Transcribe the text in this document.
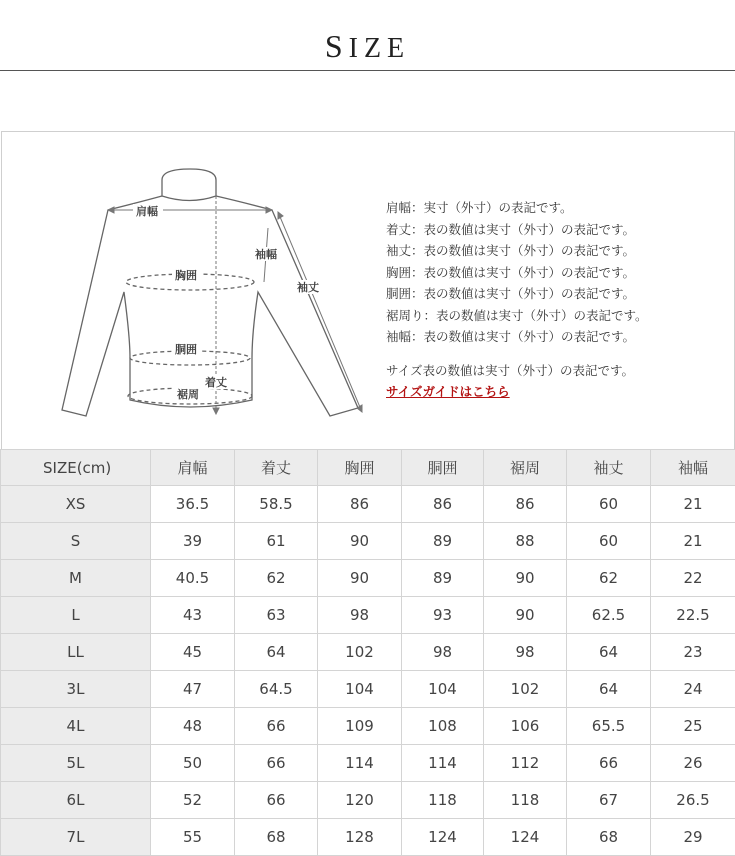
SIZE
肩幅
袖幅
袖丈
胸囲
胴囲
着丈
裾周
肩幅：実寸（外寸）の表記です。
着丈：表の数値は実寸（外寸）の表記です。
袖丈：表の数値は実寸（外寸）の表記です。
胸囲：表の数値は実寸（外寸）の表記です。
胴囲：表の数値は実寸（外寸）の表記です。
裾周り：表の数値は実寸（外寸）の表記です。
袖幅：表の数値は実寸（外寸）の表記です。
サイズ表の数値は実寸（外寸）の表記です。
サイズガイドはこちら
SIZE(cm)	肩幅	着丈	胸囲	胴囲	裾周	袖丈	袖幅
XS	36.5	58.5	86	86	86	60	21
S	39	61	90	89	88	60	21
M	40.5	62	90	89	90	62	22
L	43	63	98	93	90	62.5	22.5
LL	45	64	102	98	98	64	23
3L	47	64.5	104	104	102	64	24
4L	48	66	109	108	106	65.5	25
5L	50	66	114	114	112	66	26
6L	52	66	120	118	118	67	26.5
7L	55	68	128	124	124	68	29
